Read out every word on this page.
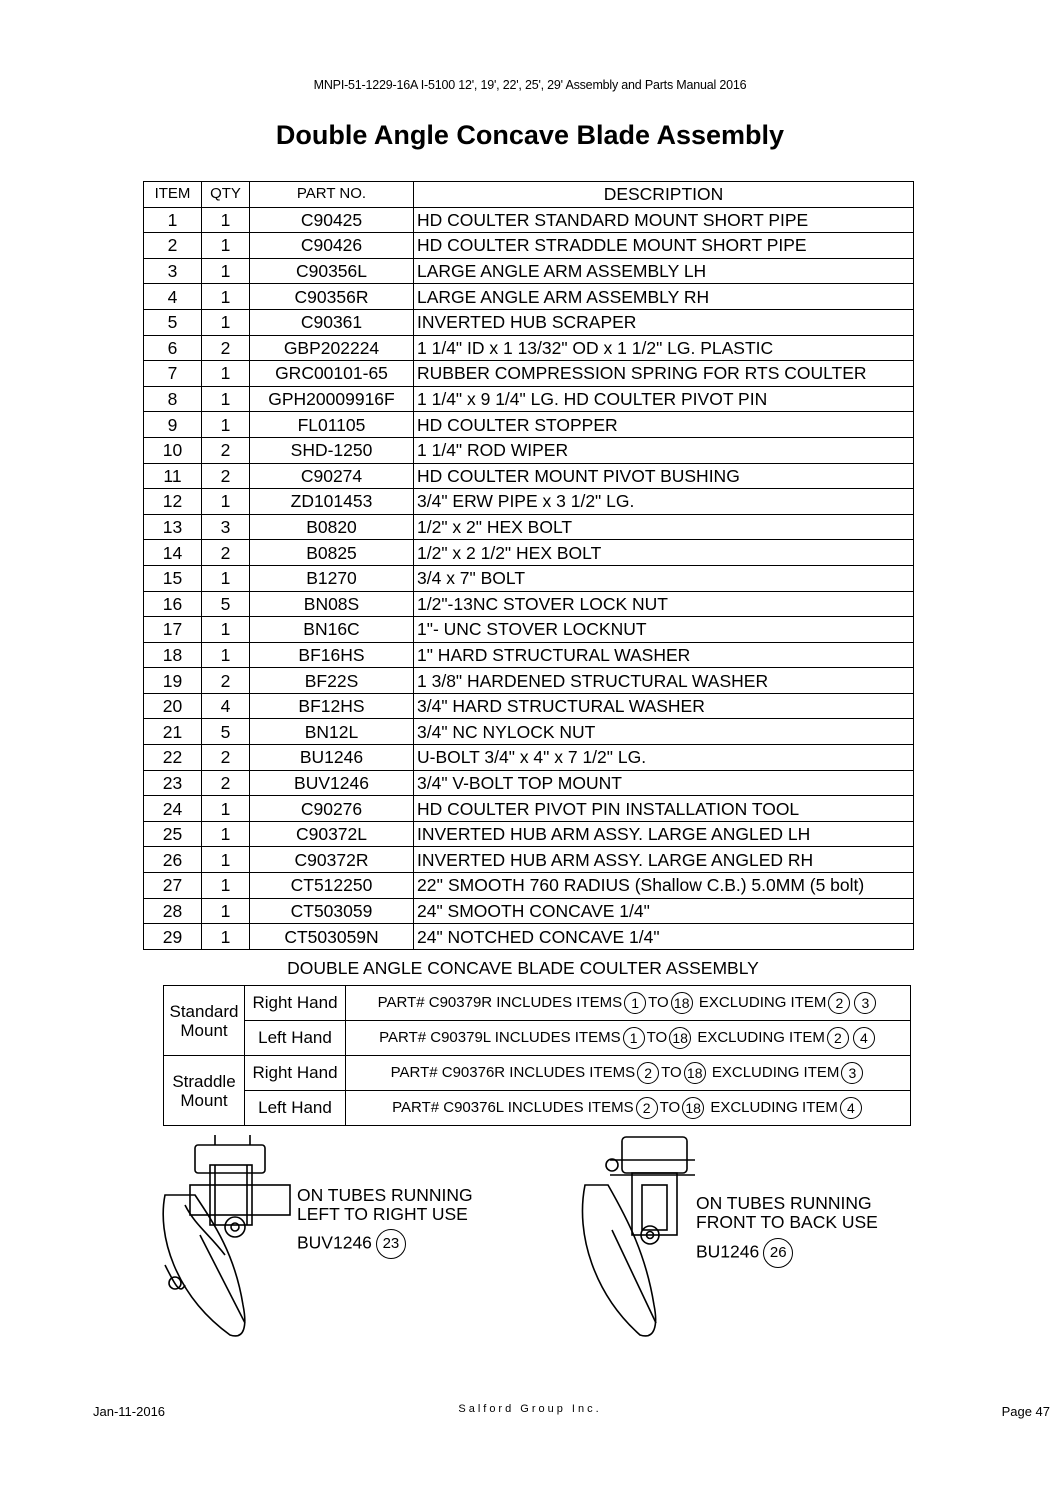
MNPI-51-1229-16A I-5100 12', 19', 22', 25', 29' Assembly and Parts Manual 2016
Double Angle Concave Blade Assembly
ITEM	QTY	PART NO.	DESCRIPTION
1	1	C90425	HD COULTER STANDARD MOUNT SHORT PIPE
2	1	C90426	HD COULTER STRADDLE MOUNT SHORT PIPE
3	1	C90356L	LARGE ANGLE ARM ASSEMBLY LH
4	1	C90356R	LARGE ANGLE ARM ASSEMBLY RH
5	1	C90361	INVERTED HUB SCRAPER
6	2	GBP202224	1 1/4" ID x 1 13/32" OD x 1 1/2" LG. PLASTIC
7	1	GRC00101-65	RUBBER COMPRESSION SPRING FOR RTS COULTER
8	1	GPH20009916F	1 1/4" x 9 1/4" LG. HD COULTER PIVOT PIN
9	1	FL01105	HD COULTER STOPPER
10	2	SHD-1250	1 1/4" ROD WIPER
11	2	C90274	HD COULTER MOUNT PIVOT BUSHING
12	1	ZD101453	3/4" ERW PIPE x 3 1/2" LG.
13	3	B0820	1/2" x 2" HEX BOLT
14	2	B0825	1/2" x 2 1/2" HEX BOLT
15	1	B1270	3/4 x 7" BOLT
16	5	BN08S	1/2"-13NC STOVER LOCK NUT
17	1	BN16C	1"- UNC STOVER LOCKNUT
18	1	BF16HS	1" HARD STRUCTURAL WASHER
19	2	BF22S	1 3/8" HARDENED STRUCTURAL WASHER
20	4	BF12HS	3/4" HARD STRUCTURAL WASHER
21	5	BN12L	3/4" NC NYLOCK NUT
22	2	BU1246	U-BOLT 3/4" x 4" x 7 1/2" LG.
23	2	BUV1246	3/4" V-BOLT TOP MOUNT
24	1	C90276	HD COULTER PIVOT PIN INSTALLATION TOOL
25	1	C90372L	INVERTED HUB ARM ASSY. LARGE ANGLED LH
26	1	C90372R	INVERTED HUB ARM ASSY. LARGE ANGLED RH
27	1	CT512250	22'' SMOOTH 760 RADIUS (Shallow C.B.) 5.0MM (5 bolt)
28	1	CT503059	24" SMOOTH CONCAVE 1/4"
29	1	CT503059N	24" NOTCHED CONCAVE 1/4"
DOUBLE ANGLE CONCAVE BLADE COULTER ASSEMBLY
Standard
Mount	Right Hand	PART# C90379R INCLUDES ITEMS 1 TO 18 EXCLUDING ITEM 2 3
	Left Hand	PART# C90379L INCLUDES ITEMS 1 TO 18 EXCLUDING ITEM 2 4

Straddle
Mount	Right Hand	PART# C90376R INCLUDES ITEMS 2 TO 18 EXCLUDING ITEM 3
	Left Hand	PART# C90376L INCLUDES ITEMS 2 TO 18 EXCLUDING ITEM 4
ON TUBES RUNNING
LEFT TO RIGHT USE
BUV1246 23
ON TUBES RUNNING
FRONT TO BACK USE
BU1246 26
Jan-11-2016	Salford Group Inc.	Page 47
